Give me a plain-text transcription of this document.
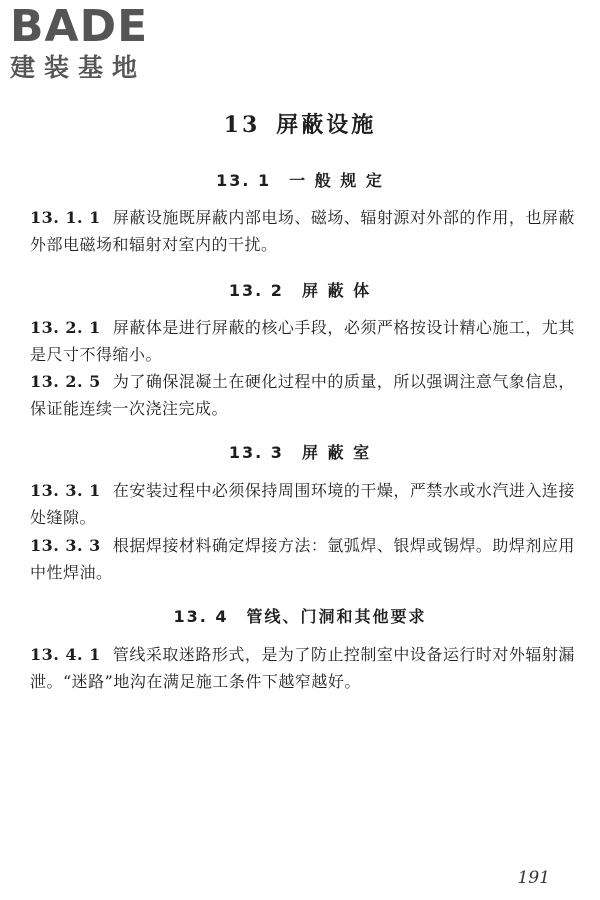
BADE
建装基地
13 屏蔽设施
13. 1 一 般 规 定
13. 1. 1 屏蔽设施既屏蔽内部电场、磁场、辐射源对外部的作用，也屏蔽外部电磁场和辐射对室内的干扰。
13. 2 屏 蔽 体
13. 2. 1 屏蔽体是进行屏蔽的核心手段，必须严格按设计精心施工，尤其是尺寸不得缩小。
13. 2. 5 为了确保混凝土在硬化过程中的质量，所以强调注意气象信息，保证能连续一次浇注完成。
13. 3 屏 蔽 室
13. 3. 1 在安装过程中必须保持周围环境的干燥，严禁水或水汽进入连接处缝隙。
13. 3. 3 根据焊接材料确定焊接方法：氩弧焊、银焊或锡焊。助焊剂应用中性焊油。
13. 4 管线、门洞和其他要求
13. 4. 1 管线采取迷路形式，是为了防止控制室中设备运行时对外辐射漏泄。“迷路”地沟在满足施工条件下越窄越好。
191
